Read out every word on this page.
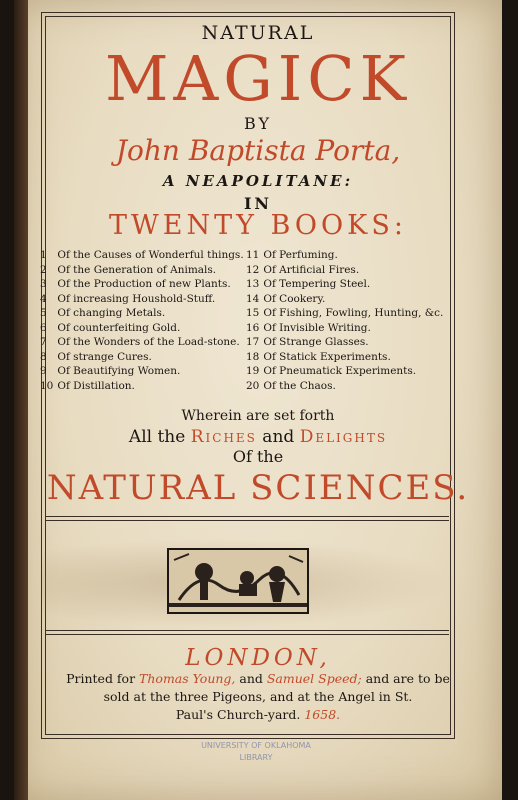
NATURAL
MAGICK
BY
John Baptista Porta,
A NEAPOLITANE:
IN
TWENTY BOOKS:
1 Of the Causes of Wonderful things.
2 Of the Generation of Animals.
3 Of the Production of new Plants.
4 Of increasing Houshold-Stuff.
5 Of changing Metals.
6 Of counterfeiting Gold.
7 Of the Wonders of the Load-stone.
8 Of strange Cures.
9 Of Beautifying Women.
10 Of Distillation.
11 Of Perfuming.
12 Of Artificial Fires.
13 Of Tempering Steel.
14 Of Cookery.
15 Of Fishing, Fowling, Hunting, &c.
16 Of Invisible Writing.
17 Of Strange Glasses.
18 Of Statick Experiments.
19 Of Pneumatick Experiments.
20 Of the Chaos.
Wherein are set forth
All the Riches and Delights
Of the
NATURAL SCIENCES.
LONDON,
Printed for Thomas Young, and Samuel Speed; and are to be
sold at the three Pigeons, and at the Angel in St.
Paul's Church-yard. 1658.
UNIVERSITY OF OKLAHOMA
LIBRARY
